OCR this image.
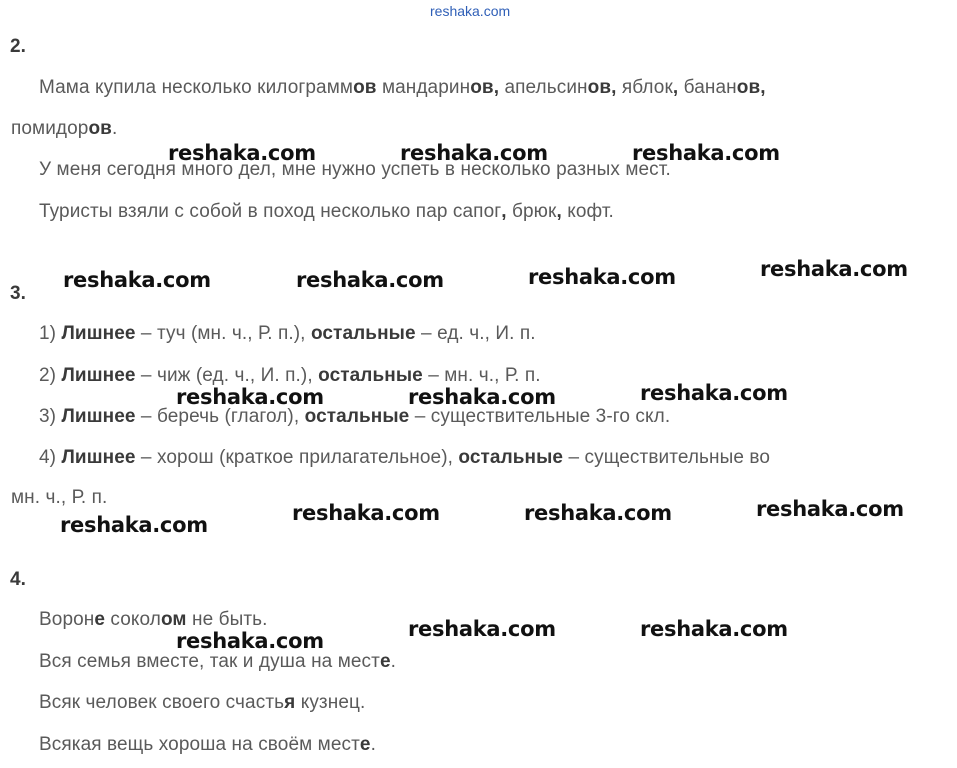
reshaka.com
2.
Мама купила несколько килограммов мандаринов, апельсинов, яблок, бананов,
помидоров.
У меня сегодня много дел, мне нужно успеть в несколько разных мест.
Туристы взяли с собой в поход несколько пар сапог, брюк, кофт.
3.
1) Лишнее – туч (мн. ч., Р. п.), остальные – ед. ч., И. п.
2) Лишнее – чиж (ед. ч., И. п.), остальные – мн. ч., Р. п.
3) Лишнее – беречь (глагол), остальные – существительные 3-го скл.
4) Лишнее – хорош (краткое прилагательное), остальные – существительные во
мн. ч., Р. п.
4.
Вороне соколом не быть.
Вся семья вместе, так и душа на месте.
Всяк человек своего счастья кузнец.
Всякая вещь хороша на своём месте.
reshaka.com	reshaka.com	reshaka.com
reshaka.com	reshaka.com	reshaka.com	reshaka.com
reshaka.com	reshaka.com	reshaka.com
reshaka.com	reshaka.com	reshaka.com	reshaka.com
reshaka.com	reshaka.com	reshaka.com
